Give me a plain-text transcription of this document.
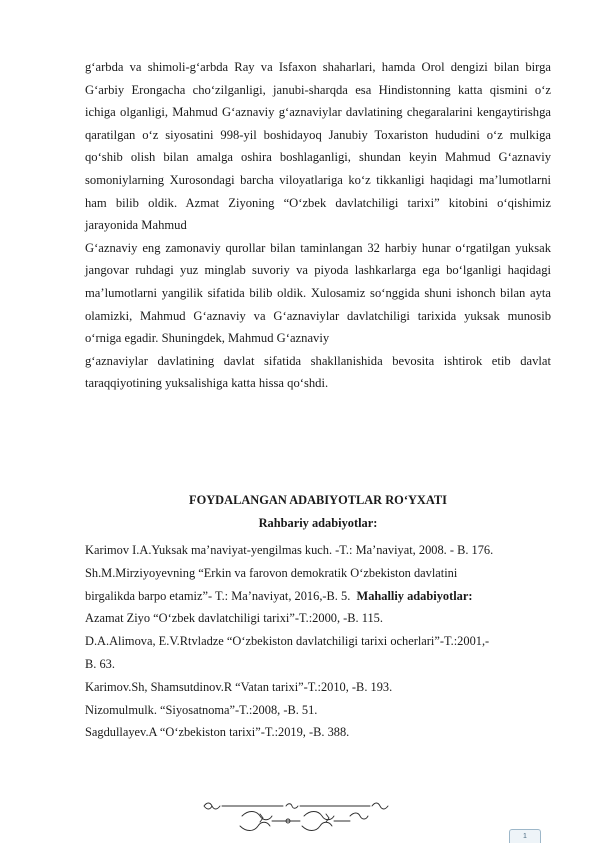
g‘arbda va shimoli-g‘arbda Ray va Isfaxon shaharlari, hamda Orol dengizi bilan birga G‘arbiy Erongacha cho‘zilganligi, janubi-sharqda esa Hindistonning katta qismini o‘z ichiga olganligi, Mahmud G‘aznaviy g‘aznaviylar davlatining chegaralarini kengaytirishga qaratilgan o‘z siyosatini 998-yil boshidayoq Janubiy Toxariston hududini o‘z mulkiga qo‘shib olish bilan amalga oshira boshlaganligi, shundan keyin Mahmud G‘aznaviy somoniylarning Xurosondagi barcha viloyatlariga ko‘z tikkanligi haqidagi ma’lumotlarni ham bilib oldik. Azmat Ziyoning “O‘zbek davlatchiligi tarixi” kitobini o‘qishimiz jarayonida Mahmud

G‘aznaviy eng zamonaviy qurollar bilan taminlangan 32 harbiy hunar o‘rgatilgan yuksak jangovar ruhdagi yuz minglab suvoriy va piyoda lashkarlarga ega bo‘lganligi haqidagi ma’lumotlarni yangilik sifatida bilib oldik. Xulosamiz so‘nggida shuni ishonch bilan ayta olamizki, Mahmud G‘aznaviy va G‘aznaviylar davlatchiligi tarixida yuksak munosib o‘rniga egadir. Shuningdek, Mahmud G‘aznaviy

g‘aznaviylar davlatining davlat sifatida shakllanishida bevosita ishtirok etib davlat taraqqiyotining yuksalishiga katta hissa qo‘shdi.

FOYDALANGAN ADABIYOTLAR RO‘YXATI
Rahbariy adabiyotlar:
Karimov I.A.Yuksak ma’naviyat-yengilmas kuch. -T.: Ma’naviyat, 2008. - B. 176.
Sh.M.Mirziyoyevning “Erkin va farovon demokratik O‘zbekiston davlatini
birgalikda barpo etamiz”- T.: Ma’naviyat, 2016,-B. 5. Mahalliy adabiyotlar:
Azamat Ziyo “O‘zbek davlatchiligi tarixi”-T.:2000, -B. 115.
D.A.Alimova, E.V.Rtvladze “O‘zbekiston davlatchiligi tarixi ocherlari”-T.:2001,-
B. 63.
Karimov.Sh, Shamsutdinov.R “Vatan tarixi”-T.:2010, -B. 193.
Nizomulmulk. “Siyosatnoma”-T.:2008, -B. 51.
Sagdullayev.A “O‘zbekiston tarixi”-T.:2019, -B. 388.
1
